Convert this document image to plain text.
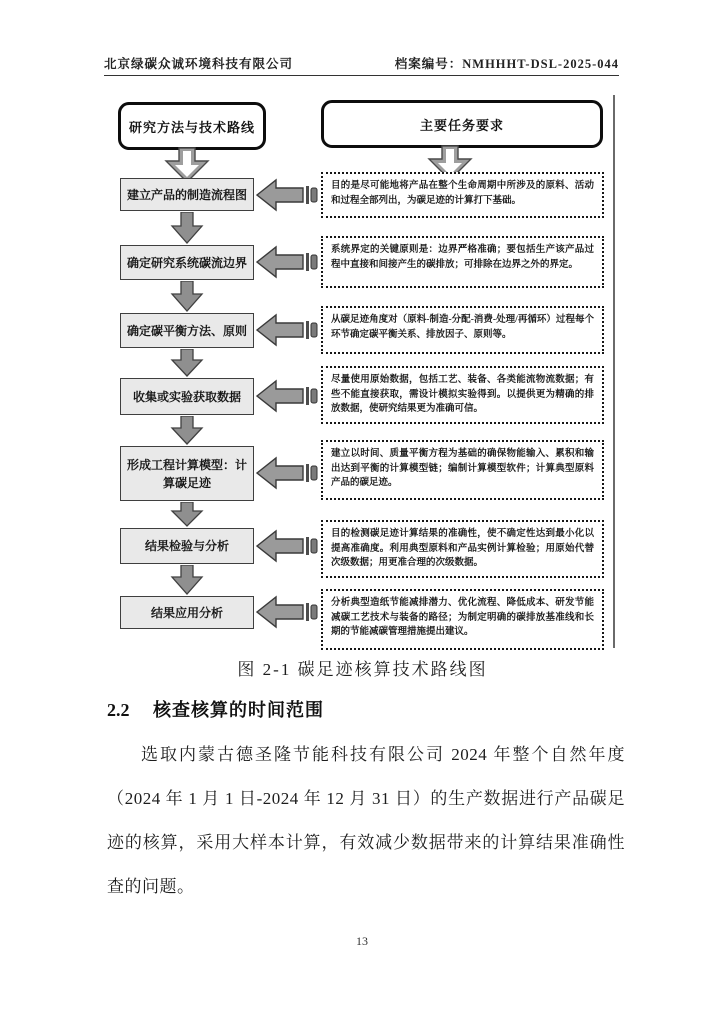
北京绿碳众诚环境科技有限公司	档案编号：NMHHHT-DSL-2025-044
研究方法与技术路线	主要任务要求
建立产品的制造流程图
目的是尽可能地将产品在整个生命周期中所涉及的原料、活动和过程全部列出，为碳足迹的计算打下基础。
确定研究系统碳流边界
系统界定的关键原则是：边界严格准确；要包括生产该产品过程中直接和间接产生的碳排放；可排除在边界之外的界定。
确定碳平衡方法、原则
从碳足迹角度对（原料-制造-分配-消费-处理/再循环）过程每个环节确定碳平衡关系、排放因子、原则等。
收集或实验获取数据
尽量使用原始数据，包括工艺、装备、各类能流物流数据；有些不能直接获取，需设计模拟实验得到。以提供更为精确的排放数据，使研究结果更为准确可信。
形成工程计算模型：计算碳足迹
建立以时间、质量平衡方程为基础的确保物能输入、累积和输出达到平衡的计算模型链；编制计算模型软件；计算典型原料产品的碳足迹。
结果检验与分析
目的检测碳足迹计算结果的准确性，使不确定性达到最小化以提高准确度。利用典型原料和产品实例计算检验；用原始代替次级数据；用更准合理的次级数据。
结果应用分析
分析典型造纸节能减排潜力、优化流程、降低成本、研发节能减碳工艺技术与装备的路径；为制定明确的碳排放基准线和长期的节能减碳管理措施提出建议。
图 2-1 碳足迹核算技术路线图
2.2 核查核算的时间范围

选取内蒙古德圣隆节能科技有限公司 2024 年整个自然年度（2024 年 1 月 1 日-2024 年 12 月 31 日）的生产数据进行产品碳足迹的核算，采用大样本计算，有效减少数据带来的计算结果准确性查的问题。

13
